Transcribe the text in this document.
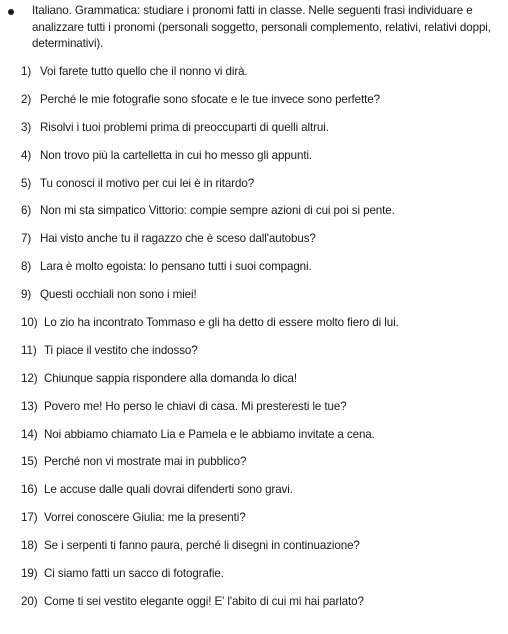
Italiano. Grammatica: studiare i pronomi fatti in classe. Nelle seguenti frasi individuare e analizzare tutti i pronomi (personali soggetto, personali complemento, relativi, relativi doppi, determinativi).
1) Voi farete tutto quello che il nonno vi dirà.
2) Perché le mie fotografie sono sfocate e le tue invece sono perfette?
3) Risolvi i tuoi problemi prima di preoccuparti di quelli altrui.
4) Non trovo più la cartelletta in cui ho messo gli appunti.
5) Tu conosci il motivo per cui lei è in ritardo?
6) Non mi sta simpatico Vittorio: compie sempre azioni di cui poi si pente.
7) Hai visto anche tu il ragazzo che è sceso dall'autobus?
8) Lara è molto egoista: lo pensano tutti i suoi compagni.
9) Questi occhiali non sono i miei!
10) Lo zio ha incontrato Tommaso e gli ha detto di essere molto fiero di lui.
11) Ti piace il vestito che indosso?
12) Chiunque sappia rispondere alla domanda lo dica!
13) Povero me! Ho perso le chiavi di casa. Mi presteresti le tue?
14) Noi abbiamo chiamato Lia e Pamela e le abbiamo invitate a cena.
15) Perché non vi mostrate mai in pubblico?
16) Le accuse dalle quali dovrai difenderti sono gravi.
17) Vorrei conoscere Giulia: me la presenti?
18) Se i serpenti ti fanno paura, perché li disegni in continuazione?
19) Ci siamo fatti un sacco di fotografie.
20) Come ti sei vestito elegante oggi! E' l'abito di cui mi hai parlato?
